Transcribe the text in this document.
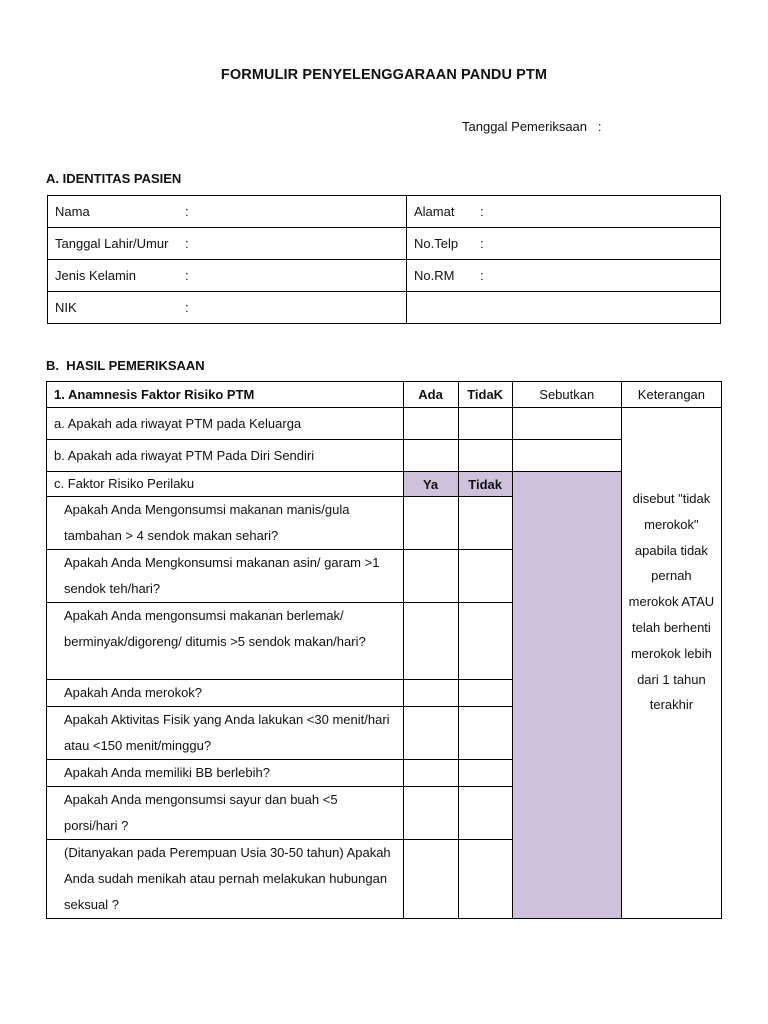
FORMULIR PENYELENGGARAAN PANDU PTM
Tanggal Pemeriksaan   :
A. IDENTITAS PASIEN
Nama :	Alamat :
Tanggal Lahir/Umur :	No.Telp :
Jenis Kelamin :	No.RM :
NIK :	
B.  HASIL PEMERIKSAAN
1. Anamnesis Faktor Risiko PTM	Ada	TidaK	Sebutkan	Keterangan
a. Apakah ada riwayat PTM pada Keluarga				disebut "tidak merokok" apabila tidak pernah merokok ATAU telah berhenti merokok lebih dari 1 tahun terakhir
b. Apakah ada riwayat PTM Pada Diri Sendiri				
c. Faktor Risiko Perilaku	Ya	Tidak		
Apakah Anda Mengonsumsi makanan manis/gula tambahan > 4 sendok makan sehari?				
Apakah Anda Mengkonsumsi makanan asin/ garam >1 sendok teh/hari?				
Apakah Anda mengonsumsi makanan berlemak/ berminyak/digoreng/ ditumis >5 sendok makan/hari?				
Apakah Anda merokok?				
Apakah Aktivitas Fisik yang Anda lakukan <30 menit/hari atau <150 menit/minggu?				
Apakah Anda memiliki BB berlebih?				
Apakah Anda mengonsumsi sayur dan buah <5 porsi/hari ?				
(Ditanyakan pada Perempuan Usia 30-50 tahun) Apakah Anda sudah menikah atau pernah melakukan hubungan seksual ?				
